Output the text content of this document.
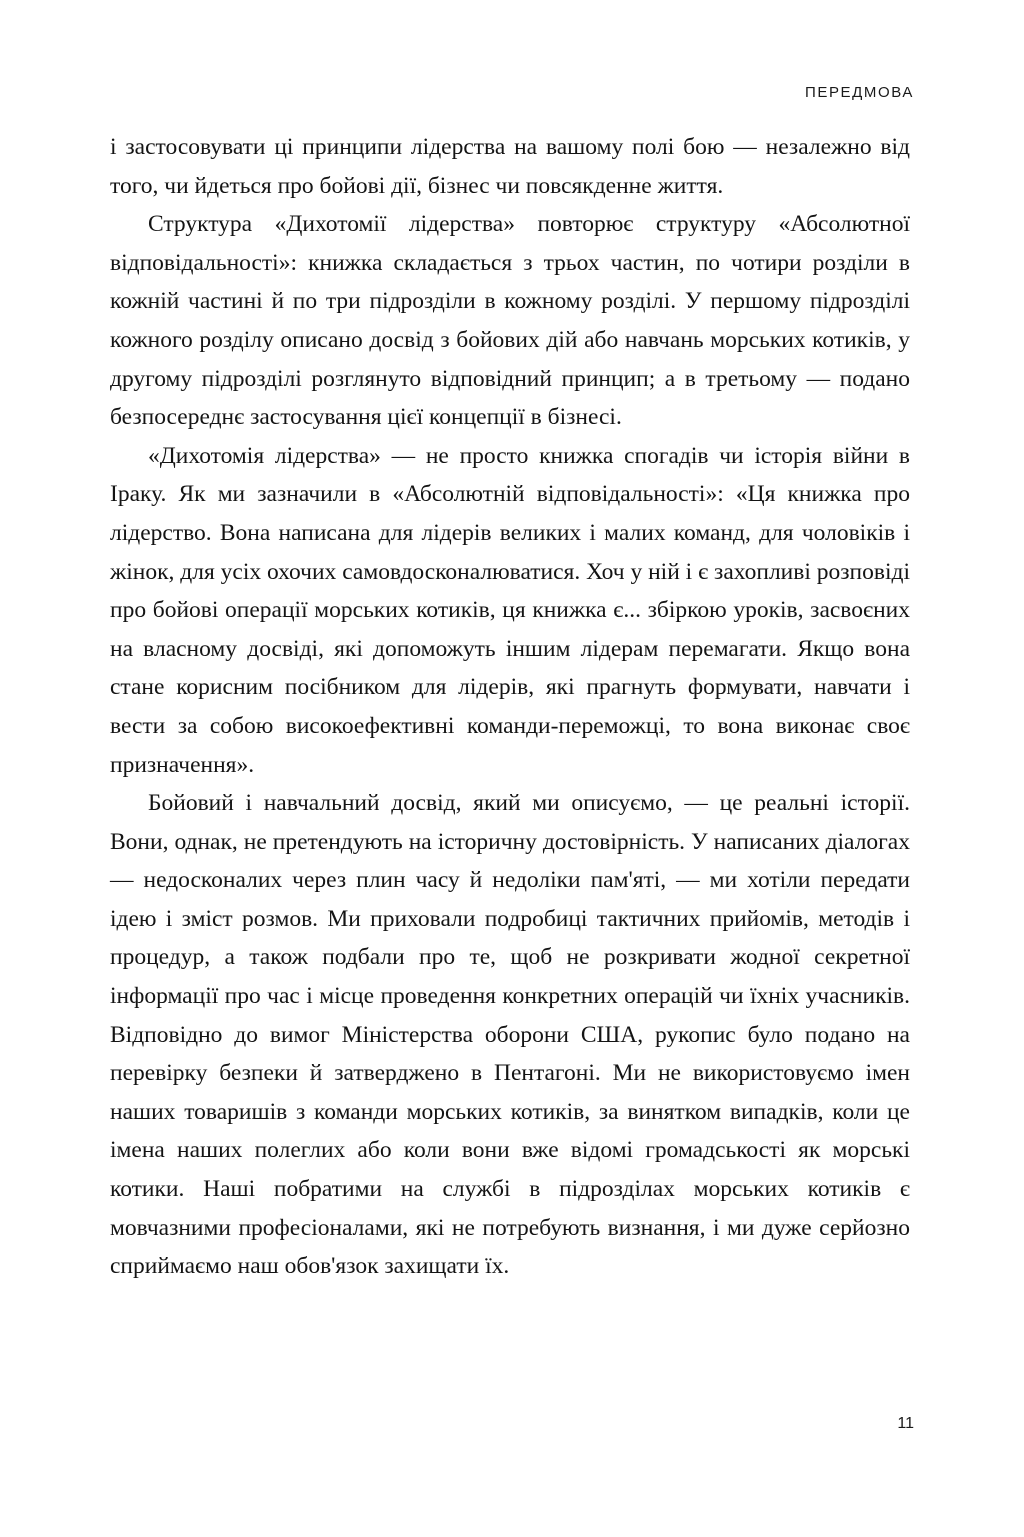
ПЕРЕДМОВА

і застосовувати ці принципи лідерства на вашому полі бою — незалежно від того, чи йдеться про бойові дії, бізнес чи повсякденне життя.

Структура «Дихотомії лідерства» повторює структуру «Абсолютної відповідальності»: книжка складається з трьох частин, по чотири розділи в кожній частині й по три підрозділи в кожному розділі. У першому підрозділі кожного розділу описано досвід з бойових дій або навчань морських котиків, у другому підрозділі розглянуто відповідний принцип; а в третьому — подано безпосереднє застосування цієї концепції в бізнесі.

«Дихотомія лідерства» — не просто книжка спогадів чи історія війни в Іраку. Як ми зазначили в «Абсолютній відповідальності»: «Ця книжка про лідерство. Вона написана для лідерів великих і малих команд, для чоловіків і жінок, для усіх охочих самовдосконалюватися. Хоч у ній і є захопливі розповіді про бойові операції морських котиків, ця книжка є... збіркою уроків, засвоєних на власному досвіді, які допоможуть іншим лідерам перемагати. Якщо вона стане корисним посібником для лідерів, які прагнуть формувати, навчати і вести за собою високоефективні команди-переможці, то вона виконає своє призначення».

Бойовий і навчальний досвід, який ми описуємо, — це реальні історії. Вони, однак, не претендують на історичну достовірність. У написаних діалогах — недосконалих через плин часу й недоліки пам'яті, — ми хотіли передати ідею і зміст розмов. Ми приховали подробиці тактичних прийомів, методів і процедур, а також подбали про те, щоб не розкривати жодної секретної інформації про час і місце проведення конкретних операцій чи їхніх учасників. Відповідно до вимог Міністерства оборони США, рукопис було подано на перевірку безпеки й затверджено в Пентагоні. Ми не використовуємо імен наших товаришів з команди морських котиків, за винятком випадків, коли це імена наших полеглих або коли вони вже відомі громадськості як морські котики. Наші побратими на службі в підрозділах морських котиків є мовчазними професіоналами, які не потребують визнання, і ми дуже серйозно сприймаємо наш обов'язок захищати їх.

11
